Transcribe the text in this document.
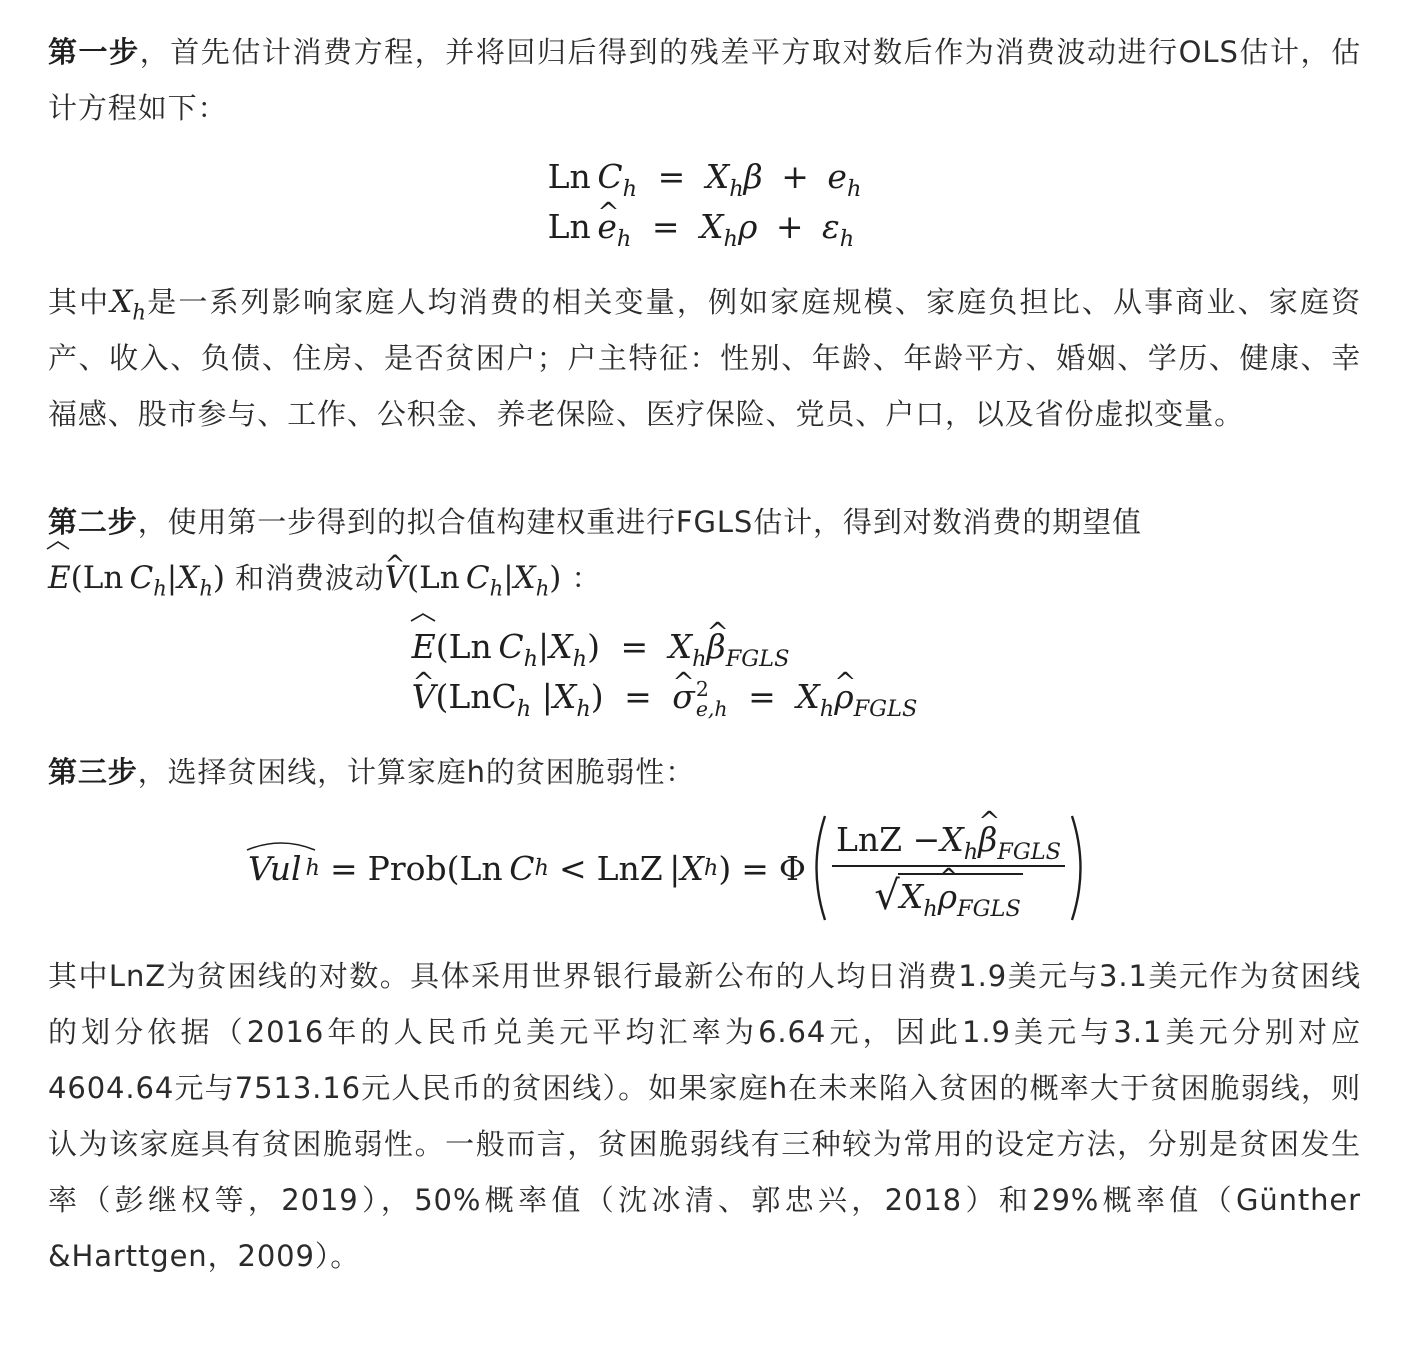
第一步，首先估计消费方程，并将回归后得到的残差平方取对数后作为消费波动进行OLS估计，估计方程如下：

Ln  $C_h = X_h\beta + e_h$
Ln  ^ $e_h = X_h\rho + \varepsilon_h$

其中$X_h$是一系列影响家庭人均消费的相关变量，例如家庭规模、家庭负担比、从事商业、家庭资产、收入、负债、住房、是否贫困户；户主特征：性别、年龄、年龄平方、婚姻、学历、健康、幸福感、股市参与、工作、公积金、养老保险、医疗保险、党员、户口，以及省份虚拟变量。

第二步，使用第一步得到的拟合值构建权重进行FGLS估计，得到对数消费的期望值

E(Ln $C_h|X_h$) 和消费波动^ V(Ln $C_h|X_h$) ：

E(Ln  $C_h|X_h$) = $X_h\^{}$ $\beta_{FGLS}$
^ V(LnC$_h$ $|X_h$) = ^ σ 2
$e,h = X_h\^{}$ $\rho_{FGLS}$

第三步，选择贫困线，计算家庭h的贫困脆弱性：

Vul h = Prob ( Ln
  C h < LnZ  | X h ) = Φ $\frac{LnZ -X_h\^{} \beta_{FGLS}}{√ X_h\^{} \rho_{FGLS}}$

其中LnZ为贫困线的对数。具体采用世界银行最新公布的人均日消费1.9美元与3.1美元作为贫困线的划分依据（2016年的人民币兑美元平均汇率为6.64元，因此1.9美元与3.1美元分别对应4604.64元与7513.16元人民币的贫困线）。如果家庭h在未来陷入贫困的概率大于贫困脆弱线，则认为该家庭具有贫困脆弱性。一般而言，贫困脆弱线有三种较为常用的设定方法，分别是贫困发生率（彭继权等，2019），50%概率值（沈冰清、郭忠兴，2018）和29%概率值（Günther &Harttgen，2009）。
